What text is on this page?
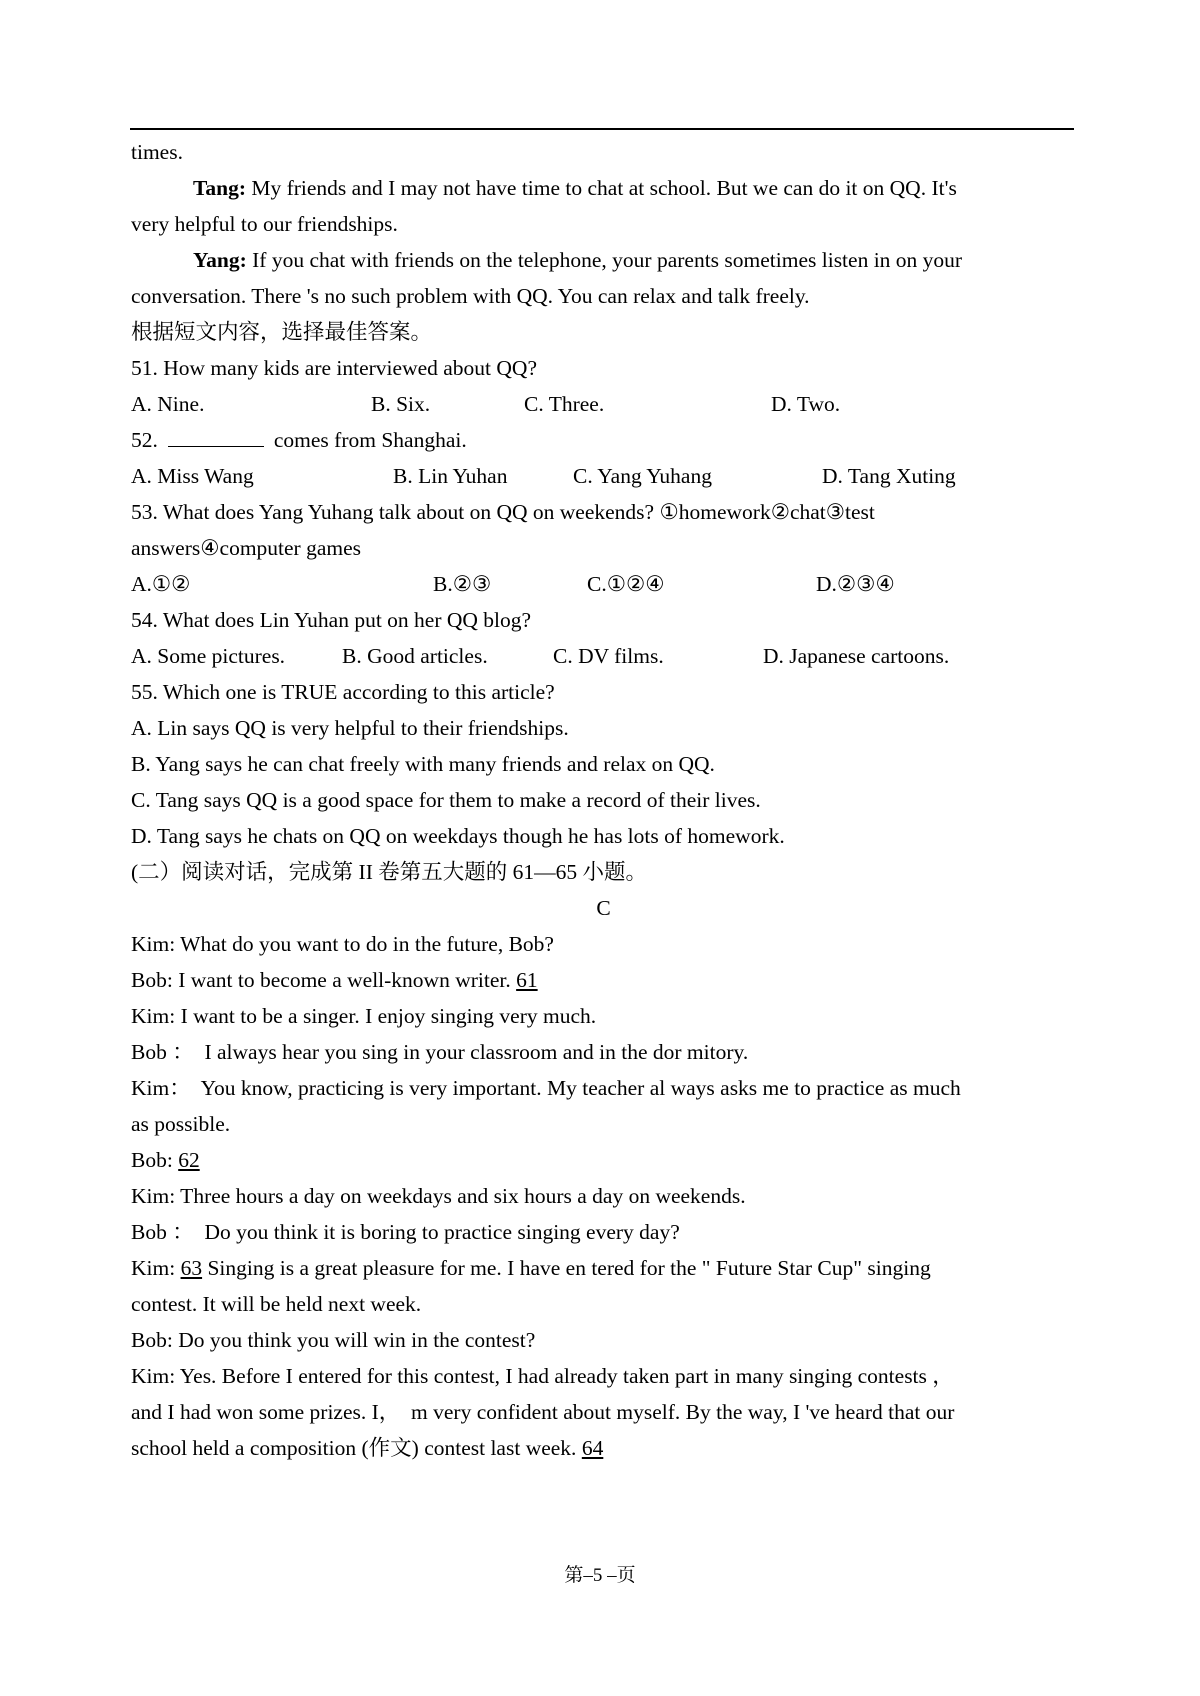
times.
Tang: My friends and I may not have time to chat at school. But we can do it on QQ. It's
very helpful to our friendships.
Yang: If you chat with friends on the telephone, your parents sometimes listen in on your
conversation. There 's no such problem with QQ. You can relax and talk freely.
根据短文内容，选择最佳答案。
51. How many kids are interviewed about QQ?
A. Nine.	B. Six.	C. Three.	D. Two.
52.	comes from Shanghai.
A. Miss Wang	B. Lin Yuhan	C. Yang Yuhang	D. Tang Xuting
53. What does Yang Yuhang talk about on QQ on weekends? ①homework②chat③test
answers④computer games
A.①②	B.②③	C.①②④	D.②③④
54. What does Lin Yuhan put on her QQ blog?
A. Some pictures.	B. Good articles.	C. DV films.	D. Japanese cartoons.
55. Which one is TRUE according to this article?
A. Lin says QQ is very helpful to their friendships.
B. Yang says he can chat freely with many friends and relax on QQ.
C. Tang says QQ is a good space for them to make a record of their lives.
D. Tang says he chats on QQ on weekdays though he has lots of homework.
(二）阅读对话，完成第 II 卷第五大题的 61—65 小题。
C
Kim: What do you want to do in the future, Bob?
Bob: I want to become a well-known writer. 61
Kim: I want to be a singer. I enjoy singing very much.
Bob ：  I always hear you sing in your classroom and in the dor mitory.
Kim：  You know, practicing is very important. My teacher al ways asks me to practice as much
as possible.
Bob: 62
Kim: Three hours a day on weekdays and six hours a day on weekends.
Bob ：  Do you think it is boring to practice singing every day?
Kim: 63 Singing is a great pleasure for me. I have en tered for the " Future Star Cup" singing
contest. It will be held next week.
Bob: Do you think you will win in the contest?
Kim: Yes. Before I entered for this contest, I had already taken part in many singing contests ，
and I had won some prizes. I，  m very confident about myself. By the way, I 've heard that our
school held a composition (作文) contest last week. 64
第–5 –页
